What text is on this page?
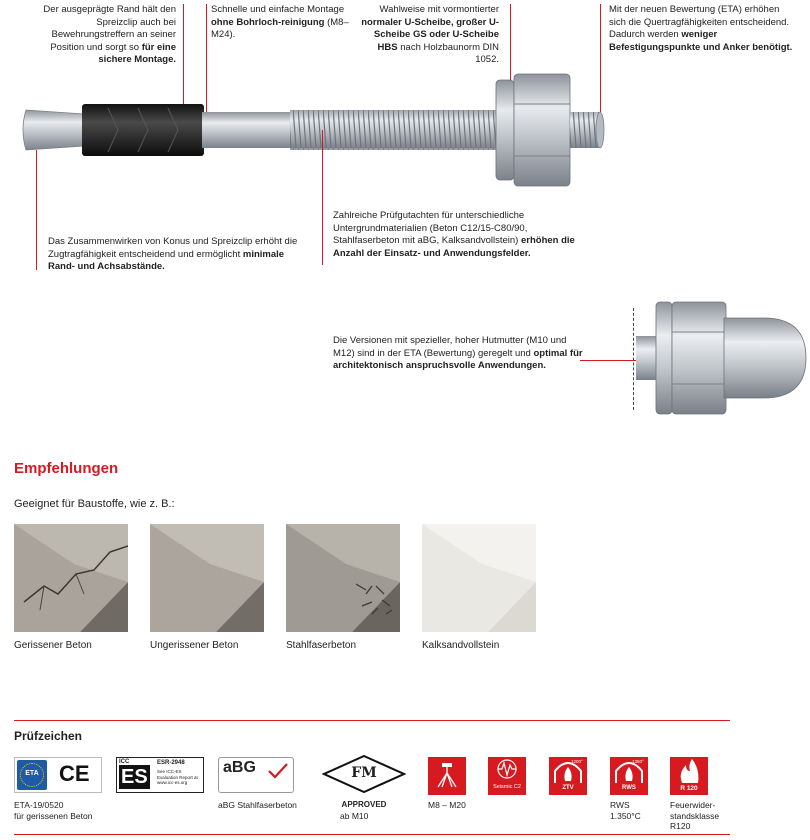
Der ausgeprägte Rand hält den Spreizclip auch bei Bewehrungstreffern an seiner Position und sorgt so für eine sichere Montage.
Schnelle und einfache Montage ohne Bohrloch-reinigung (M8–M24).
Wahlweise mit vormontierter normaler U-Scheibe, großer U-Scheibe GS oder U-Scheibe HBS nach Holzbaunorm DIN 1052.
Mit der neuen Bewertung (ETA) erhöhen sich die Quertragfähigkeiten entscheidend. Dadurch werden weniger Befestigungspunkte und Anker benötigt.
Das Zusammenwirken von Konus und Spreizclip erhöht die Zugtragfähigkeit entscheidend und ermöglicht minimale Rand- und Achsabstände.
Zahlreiche Prüfgutachten für unterschiedliche Untergrundmaterialien (Beton C12/15-C80/90, Stahlfaserbeton mit aBG, Kalksandvollstein) erhöhen die Anzahl der Einsatz- und Anwendungsfelder.
Die Versionen mit spezieller, hoher Hutmutter (M10 und M12) sind in der ETA (Bewertung) geregelt und optimal für architektonisch anspruchsvolle Anwendungen.
Empfehlungen
Geeignet für Baustoffe, wie z. B.:
Gerissener Beton	Ungerissener Beton	Stahlfaserbeton	Kalksandvollstein
Prüfzeichen
ETA CE
ETA-19/0520
für gerissenen Beton
ICC
ES
ESR-2948
See ICC-ES Evaluation Report at www.icc-es.org
aBG
aBG Stahlfaserbeton
FM
APPROVED
ab M10
M8 – M20
Seismic C2
1200°
ZTV
1350°
RWS
RWS
1.350°C
R 120
Feuerwider-
standsklasse
R120
